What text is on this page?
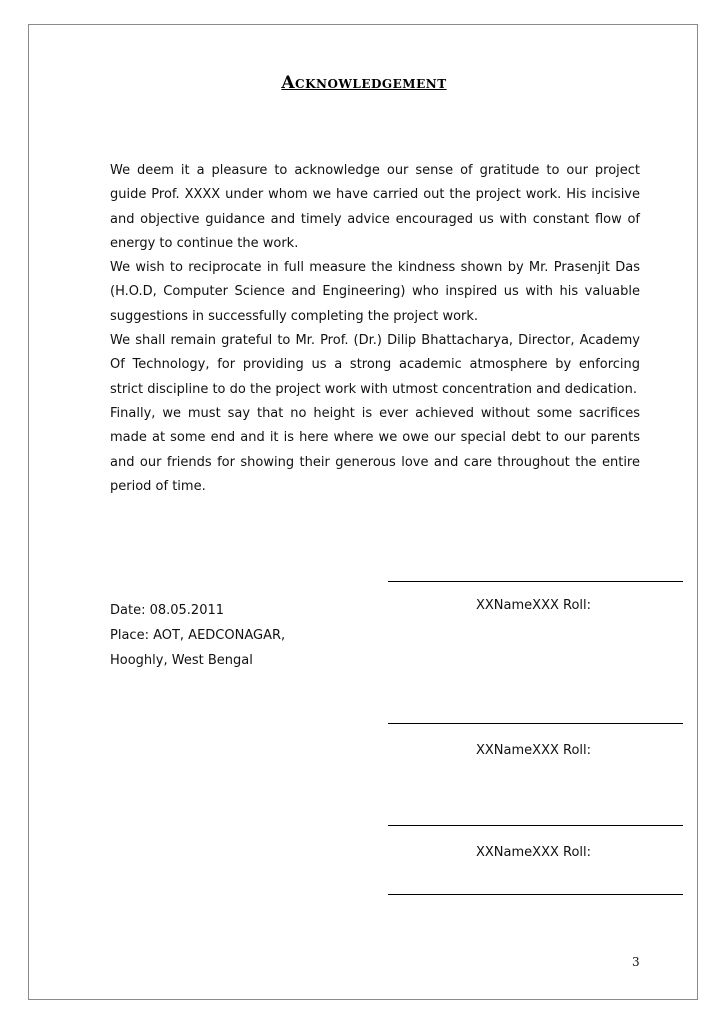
Acknowledgement

We deem it a pleasure to acknowledge our sense of gratitude to our project guide Prof. XXXX under whom we have carried out the project work. His incisive and objective guidance and timely advice encouraged us with constant flow of energy to continue the work.

We wish to reciprocate in full measure the kindness shown by Mr. Prasenjit Das (H.O.D, Computer Science and Engineering) who inspired us with his valuable suggestions in successfully completing the project work.

We shall remain grateful to Mr. Prof. (Dr.) Dilip Bhattacharya, Director, Academy Of Technology, for providing us a strong academic atmosphere by enforcing strict discipline to do the project work with utmost concentration and dedication.

Finally, we must say that no height is ever achieved without some sacrifices made at some end and it is here where we owe our special debt to our parents and our friends for showing their generous love and care throughout the entire period of time.

XXNameXXX Roll:

Date: 08.05.2011

Place: AOT, AEDCONAGAR,

Hooghly, West Bengal

XXNameXXX Roll:

XXNameXXX Roll:

3
